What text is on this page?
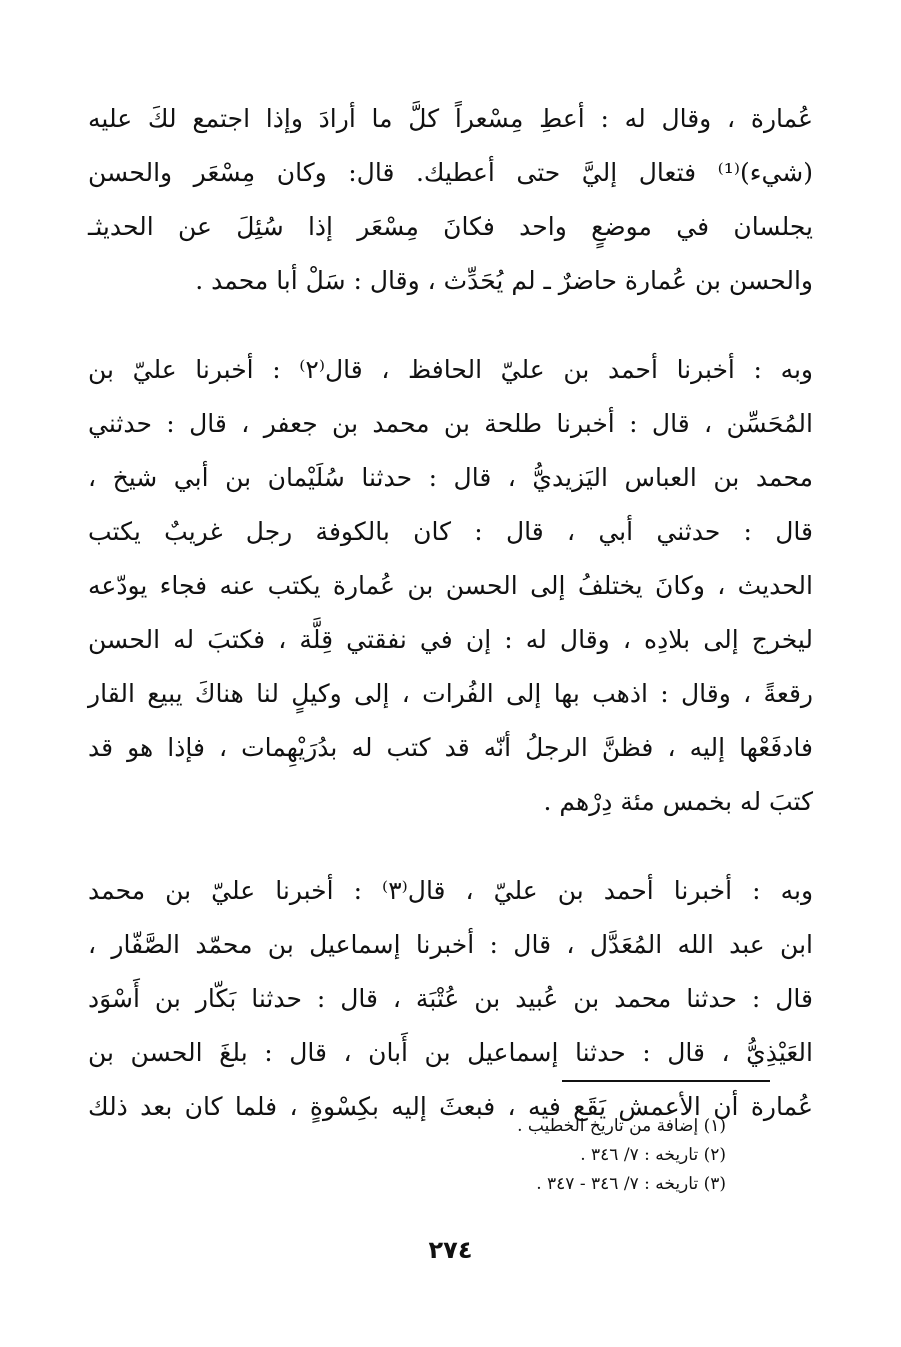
عُمارة ، وقال له : أعطِ مِسْعراً كلَّ ما أرادَ وإذا اجتمع لكَ عليه
(شيء)⁽¹⁾ فتعال إليَّ حتى أعطيك. قال: وكان مِسْعَر والحسن
يجلسان في موضعٍ واحد فكانَ مِسْعَر إذا سُئِلَ عن الحديثـ
والحسن بن عُمارة حاضرٌ ـ لم يُحَدِّث ، وقال : سَلْ أبا محمد .

وبه : أخبرنا أحمد بن عليّ الحافظ ، قال⁽٢⁾ : أخبرنا عليّ بن
المُحَسِّن ، قال : أخبرنا طلحة بن محمد بن جعفر ، قال : حدثني
محمد بن العباس اليَزيديُّ ، قال : حدثنا سُلَيْمان بن أبي شيخ ،
قال : حدثني أبي ، قال : كان بالكوفة رجل غريبٌ يكتب
الحديث ، وكانَ يختلفُ إلى الحسن بن عُمارة يكتب عنه فجاء يودّعه
ليخرج إلى بلادِه ، وقال له : إن في نفقتي قِلَّة ، فكتبَ له الحسن
رقعةً ، وقال : اذهب بها إلى الفُرات ، إلى وكيلٍ لنا هناكَ يبيع القار
فادفَعْها إليه ، فظنَّ الرجلُ أنّه قد كتب له بدُرَيْهِمات ، فإذا هو قد
كتبَ له بخمس مئة دِرْهم .

وبه : أخبرنا أحمد بن عليّ ، قال⁽٣⁾ : أخبرنا عليّ بن محمد
ابن عبد الله المُعَدَّل ، قال : أخبرنا إسماعيل بن محمّد الصَّفّار ،
قال : حدثنا محمد بن عُبيد بن عُتْبَة ، قال : حدثنا بَكّار بن أَسْوَد
العَيْذِيُّ ، قال : حدثنا إسماعيل بن أَبان ، قال : بلغَ الحسن بن
عُمارة أن الأعمش يَقَع فيه ، فبعثَ إليه بكِسْوةٍ ، فلما كان بعد ذلك

(١) إضافة من تاريخ الخطيب .
(٢) تاريخه : ٧/ ٣٤٦ .
(٣) تاريخه : ٧/ ٣٤٦ - ٣٤٧ .
٢٧٤
